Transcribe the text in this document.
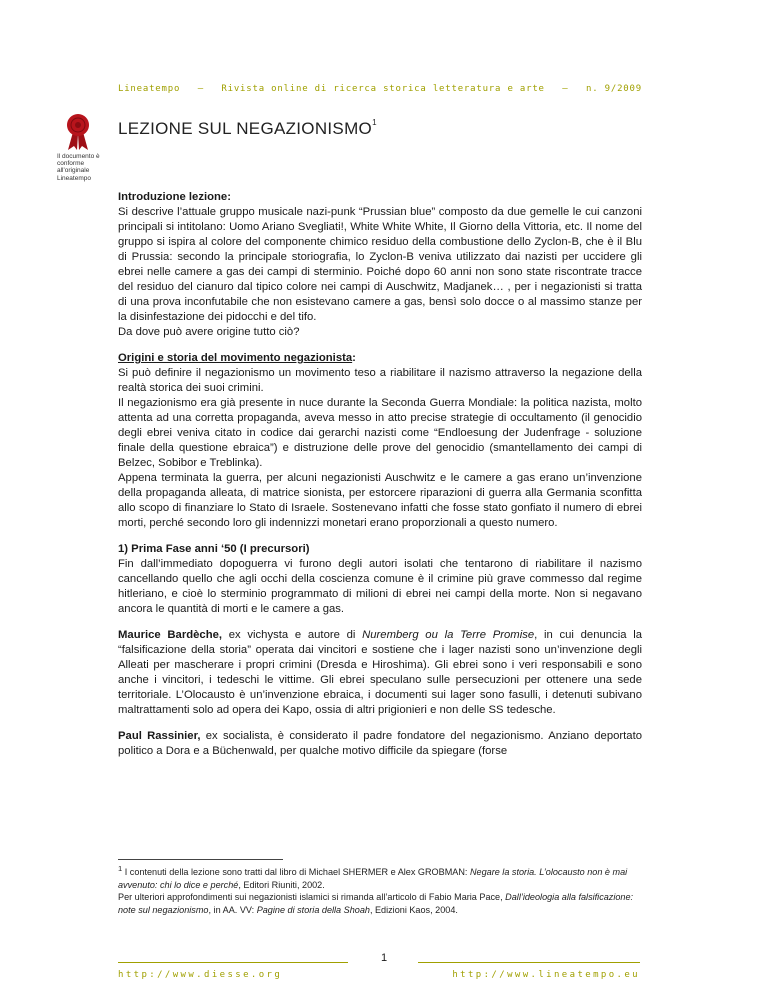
Lineatempo – Rivista online di ricerca storica letteratura e arte – n. 9/2009
Il documento è conforme all'originale Lineatempo
LEZIONE SUL NEGAZIONISMO$^1$

Introduzione lezione:
Si descrive l’attuale gruppo musicale nazi-punk “Prussian blue” composto da due gemelle le cui canzoni principali si intitolano: Uomo Ariano Svegliati!, White White White, Il Giorno della Vittoria, etc. Il nome del gruppo si ispira al colore del componente chimico residuo della combustione dello Zyclon-B, che è il Blu di Prussia: secondo la principale storiografia, lo Zyclon-B veniva utilizzato dai nazisti per uccidere gli ebrei nelle camere a gas dei campi di sterminio. Poiché dopo 60 anni non sono state riscontrate tracce del residuo del cianuro dal tipico colore nei campi di Auschwitz, Madjanek… , per i negazionisti si tratta di una prova inconfutabile che non esistevano camere a gas, bensì solo docce o al massimo stanze per la disinfestazione dei pidocchi e del tifo.
Da dove può avere origine tutto ciò?

Origini e storia del movimento negazionista:
Si può definire il negazionismo un movimento teso a riabilitare il nazismo attraverso la negazione della realtà storica dei suoi crimini.
Il negazionismo era già presente in nuce durante la Seconda Guerra Mondiale: la politica nazista, molto attenta ad una corretta propaganda, aveva messo in atto precise strategie di occultamento (il genocidio degli ebrei veniva citato in codice dai gerarchi nazisti come “Endloesung der Judenfrage - soluzione finale della questione ebraica”) e distruzione delle prove del genocidio (smantellamento dei campi di Belzec, Sobibor e Treblinka).
Appena terminata la guerra, per alcuni negazionisti Auschwitz e le camere a gas erano un’invenzione della propaganda alleata, di matrice sionista, per estorcere riparazioni di guerra alla Germania sconfitta allo scopo di finanziare lo Stato di Israele. Sostenevano infatti che fosse stato gonfiato il numero di ebrei morti, perché secondo loro gli indennizzi monetari erano proporzionali a questo numero.

1) Prima Fase anni ‘50 (I precursori)
Fin dall’immediato dopoguerra vi furono degli autori isolati che tentarono di riabilitare il nazismo cancellando quello che agli occhi della coscienza comune è il crimine più grave commesso dal regime hitleriano, e cioè lo sterminio programmato di milioni di ebrei nei campi della morte. Non si negavano ancora le quantità di morti e le camere a gas.

Maurice Bardèche, ex vichysta e autore di Nuremberg ou la Terre Promise, in cui denuncia la “falsificazione della storia” operata dai vincitori e sostiene che i lager nazisti sono un’invenzione degli Alleati per mascherare i propri crimini (Dresda e Hiroshima). Gli ebrei sono i veri responsabili e sono anche i vincitori, i tedeschi le vittime. Gli ebrei speculano sulle persecuzioni per ottenere una sede territoriale. L’Olocausto è un’invenzione ebraica, i documenti sui lager sono fasulli, i detenuti subivano maltrattamenti solo ad opera dei Kapo, ossia di altri prigionieri e non delle SS tedesche.

Paul Rassinier, ex socialista, è considerato il padre fondatore del negazionismo. Anziano deportato politico a Dora e a Büchenwald, per qualche motivo difficile da spiegare (forse

$^1$ I contenuti della lezione sono tratti dal libro di Michael SHERMER e Alex GROBMAN: Negare la storia. L’olocausto non è mai avvenuto: chi lo dice e perché, Editori Riuniti, 2002.
Per ulteriori approfondimenti sui negazionisti islamici si rimanda all’articolo di Fabio Maria Pace, Dall’ideologia alla falsificazione: note sul negazionismo, in AA. VV: Pagine di storia della Shoah, Edizioni Kaos, 2004.
1
http://www.diesse.org	http://www.lineatempo.eu
